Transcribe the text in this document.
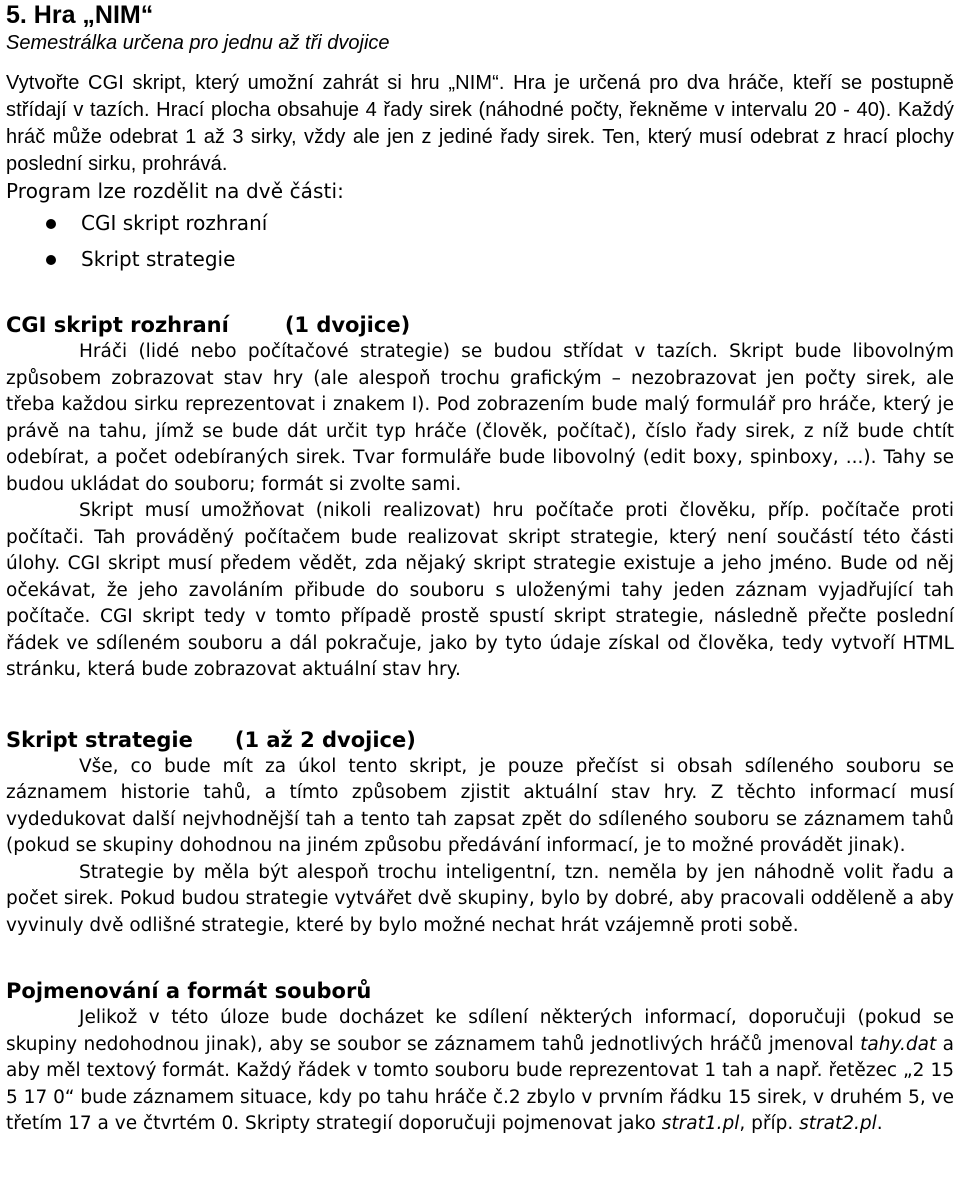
5. Hra „NIM“
Semestrálka určena pro jednu až tři dvojice

Vytvořte CGI skript, který umožní zahrát si hru „NIM“. Hra je určená pro dva hráče, kteří se postupně střídají v tazích. Hrací plocha obsahuje 4 řady sirek (náhodné počty, řekněme v intervalu 20 - 40). Každý hráč může odebrat 1 až 3 sirky, vždy ale jen z jediné řady sirek. Ten, který musí odebrat z hrací plochy poslední sirku, prohrává.

Program lze rozdělit na dvě části:

CGI skript rozhraní
Skript strategie
CGI skript rozhraní	(1 dvojice)

Hráči (lidé nebo počítačové strategie) se budou střídat v tazích. Skript bude libovolným způsobem zobrazovat stav hry (ale alespoň trochu grafickým – nezobrazovat jen počty sirek, ale třeba každou sirku reprezentovat i znakem I). Pod zobrazením bude malý formulář pro hráče, který je právě na tahu, jímž se bude dát určit typ hráče (člověk, počítač), číslo řady sirek, z níž bude chtít odebírat, a počet odebíraných sirek. Tvar formuláře bude libovolný (edit boxy, spinboxy, ...). Tahy se budou ukládat do souboru; formát si zvolte sami.

Skript musí umožňovat (nikoli realizovat) hru počítače proti člověku, příp. počítače proti počítači. Tah prováděný počítačem bude realizovat skript strategie, který není součástí této části úlohy. CGI skript musí předem vědět, zda nějaký skript strategie existuje a jeho jméno. Bude od něj očekávat, že jeho zavoláním přibude do souboru s uloženými tahy jeden záznam vyjadřující tah počítače. CGI skript tedy v tomto případě prostě spustí skript strategie, následně přečte poslední řádek ve sdíleném souboru a dál pokračuje, jako by tyto údaje získal od člověka, tedy vytvoří HTML stránku, která bude zobrazovat aktuální stav hry.

Skript strategie (1 až 2 dvojice)

Vše, co bude mít za úkol tento skript, je pouze přečíst si obsah sdíleného souboru se záznamem historie tahů, a tímto způsobem zjistit aktuální stav hry. Z těchto informací musí vydedukovat další nejvhodnější tah a tento tah zapsat zpět do sdíleného souboru se záznamem tahů (pokud se skupiny dohodnou na jiném způsobu předávání informací, je to možné provádět jinak).

Strategie by měla být alespoň trochu inteligentní, tzn. neměla by jen náhodně volit řadu a počet sirek. Pokud budou strategie vytvářet dvě skupiny, bylo by dobré, aby pracovali odděleně a aby vyvinuly dvě odlišné strategie, které by bylo možné nechat hrát vzájemně proti sobě.

Pojmenování a formát souborů

Jelikož v této úloze bude docházet ke sdílení některých informací, doporučuji (pokud se skupiny nedohodnou jinak), aby se soubor se záznamem tahů jednotlivých hráčů jmenoval tahy.dat a aby měl textový formát. Každý řádek v tomto souboru bude reprezentovat 1 tah a např. řetězec „2 15 5 17 0“ bude záznamem situace, kdy po tahu hráče č.2 zbylo v prvním řádku 15 sirek, v druhém 5, ve třetím 17 a ve čtvrtém 0. Skripty strategií doporučuji pojmenovat jako strat1.pl, příp. strat2.pl.
